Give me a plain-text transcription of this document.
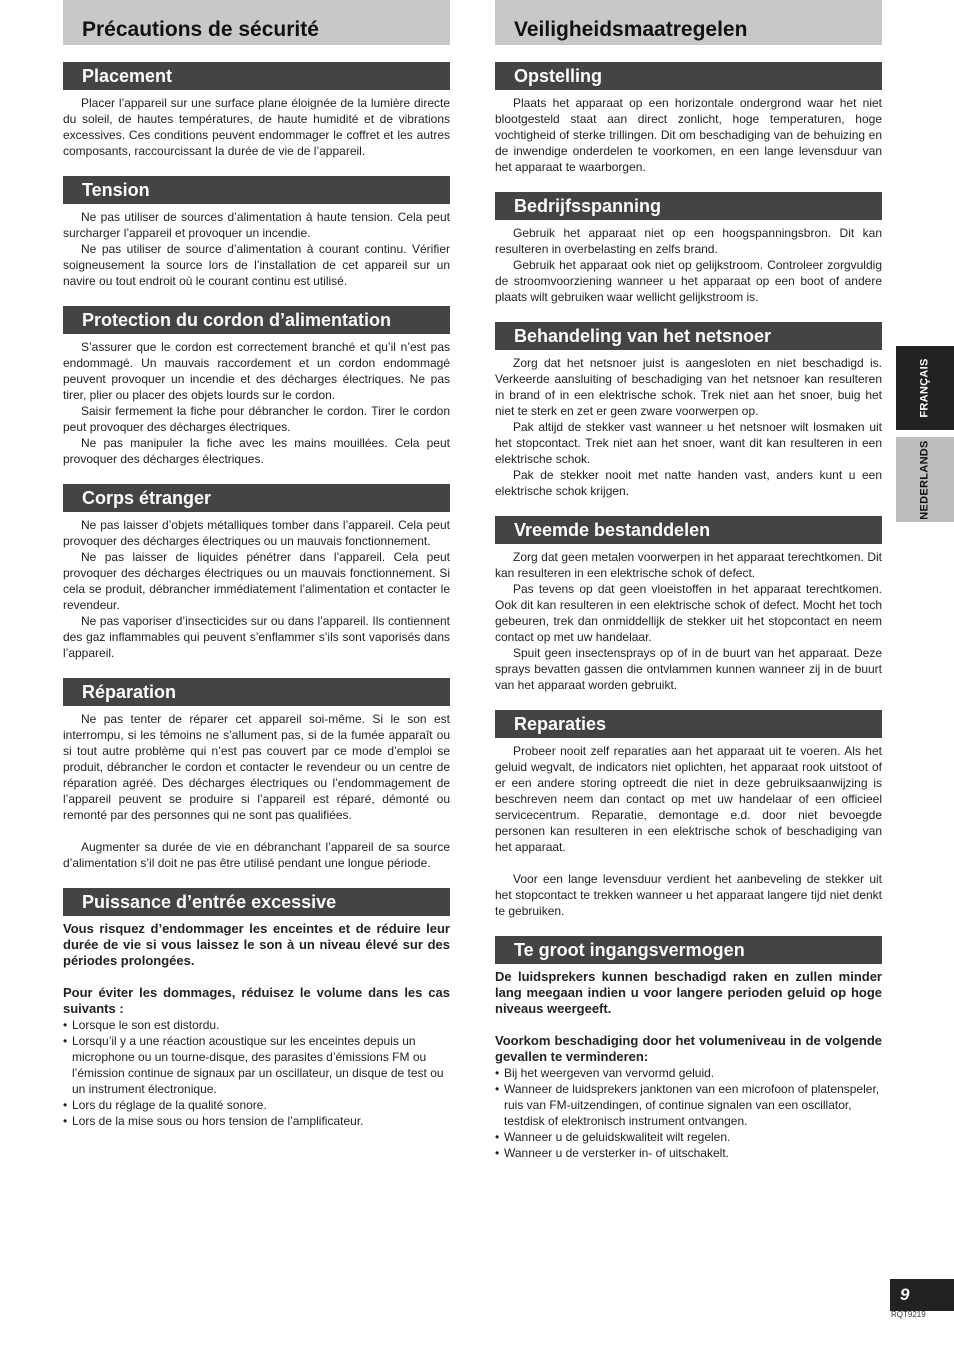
Précautions de sécurité
Placement

Placer l’appareil sur une surface plane éloignée de la lumière directe du soleil, de hautes températures, de haute humidité et de vibrations excessives. Ces conditions peuvent endommager le coffret et les autres composants, raccourcissant la durée de vie de l’appareil.

Tension

Ne pas utiliser de sources d’alimentation à haute tension. Cela peut surcharger l’appareil et provoquer un incendie.

Ne pas utiliser de source d’alimentation à courant continu. Vérifier soigneusement la source lors de l’installation de cet appareil sur un navire ou tout endroit où le courant continu est utilisé.

Protection du cordon d’alimentation

S’assurer que le cordon est correctement branché et qu’il n’est pas endommagé. Un mauvais raccordement et un cordon endommagé peuvent provoquer un incendie et des décharges électriques. Ne pas tirer, plier ou placer des objets lourds sur le cordon.

Saisir fermement la fiche pour débrancher le cordon. Tirer le cordon peut provoquer des décharges électriques.

Ne pas manipuler la fiche avec les mains mouillées. Cela peut provoquer des décharges électriques.

Corps étranger

Ne pas laisser d’objets métalliques tomber dans l’appareil. Cela peut provoquer des décharges électriques ou un mauvais fonctionnement.

Ne pas laisser de liquides pénétrer dans l’appareil. Cela peut provoquer des décharges électriques ou un mauvais fonctionnement. Si cela se produit, débrancher immédiatement l’alimentation et contacter le revendeur.

Ne pas vaporiser d’insecticides sur ou dans l’appareil. Ils contiennent des gaz inflammables qui peuvent s’enflammer s’ils sont vaporisés dans l’appareil.

Réparation

Ne pas tenter de réparer cet appareil soi-même. Si le son est interrompu, si les témoins ne s’allument pas, si de la fumée apparaît ou si tout autre problème qui n’est pas couvert par ce mode d’emploi se produit, débrancher le cordon et contacter le revendeur ou un centre de réparation agréé. Des décharges électriques ou l’endommagement de l’appareil peuvent se produire si l’appareil est réparé, démonté ou remonté par des personnes qui ne sont pas qualifiées.

Augmenter sa durée de vie en débranchant l’appareil de sa source d’alimentation s’il doit ne pas être utilisé pendant une longue période.

Puissance d’entrée excessive

Vous risquez d’endommager les enceintes et de réduire leur durée de vie si vous laissez le son à un niveau élevé sur des périodes prolongées.

Pour éviter les dommages, réduisez le volume dans les cas suivants :

• Lorsque le son est distordu.
• Lorsqu’il y a une réaction acoustique sur les enceintes depuis un microphone ou un tourne-disque, des parasites d’émissions FM ou l’émission continue de signaux par un oscillateur, un disque de test ou un instrument électronique.
• Lors du réglage de la qualité sonore.
• Lors de la mise sous ou hors tension de l’amplificateur.
Veiligheidsmaatregelen
Opstelling

Plaats het apparaat op een horizontale ondergrond waar het niet blootgesteld staat aan direct zonlicht, hoge temperaturen, hoge vochtigheid of sterke trillingen. Dit om beschadiging van de behuizing en de inwendige onderdelen te voorkomen, en een lange levensduur van het apparaat te waarborgen.

Bedrijfsspanning

Gebruik het apparaat niet op een hoogspanningsbron. Dit kan resulteren in overbelasting en zelfs brand.

Gebruik het apparaat ook niet op gelijkstroom. Controleer zorgvuldig de stroomvoorziening wanneer u het apparaat op een boot of andere plaats wilt gebruiken waar wellicht gelijkstroom is.

Behandeling van het netsnoer

Zorg dat het netsnoer juist is aangesloten en niet beschadigd is. Verkeerde aansluiting of beschadiging van het netsnoer kan resulteren in brand of in een elektrische schok. Trek niet aan het snoer, buig het niet te sterk en zet er geen zware voorwerpen op.

Pak altijd de stekker vast wanneer u het netsnoer wilt losmaken uit het stopcontact. Trek niet aan het snoer, want dit kan resulteren in een elektrische schok.

Pak de stekker nooit met natte handen vast, anders kunt u een elektrische schok krijgen.

Vreemde bestanddelen

Zorg dat geen metalen voorwerpen in het apparaat terechtkomen. Dit kan resulteren in een elektrische schok of defect.

Pas tevens op dat geen vloeistoffen in het apparaat terechtkomen. Ook dit kan resulteren in een elektrische schok of defect. Mocht het toch gebeuren, trek dan onmiddellijk de stekker uit het stopcontact en neem contact op met uw handelaar.

Spuit geen insectensprays op of in de buurt van het apparaat. Deze sprays bevatten gassen die ontvlammen kunnen wanneer zij in de buurt van het apparaat worden gebruikt.

Reparaties

Probeer nooit zelf reparaties aan het apparaat uit te voeren. Als het geluid wegvalt, de indicators niet oplichten, het apparaat rook uitstoot of er een andere storing optreedt die niet in deze gebruiksaanwijzing is beschreven neem dan contact op met uw handelaar of een officieel servicecentrum. Reparatie, demontage e.d. door niet bevoegde personen kan resulteren in een elektrische schok of beschadiging van het apparaat.

Voor een lange levensduur verdient het aanbeveling de stekker uit het stopcontact te trekken wanneer u het apparaat langere tijd niet denkt te gebruiken.

Te groot ingangsvermogen

De luidsprekers kunnen beschadigd raken en zullen minder lang meegaan indien u voor langere perioden geluid op hoge niveaus weergeeft.

Voorkom beschadiging door het volumeniveau in de volgende gevallen te verminderen:

• Bij het weergeven van vervormd geluid.
• Wanneer de luidsprekers janktonen van een microfoon of platenspeler, ruis van FM-uitzendingen, of continue signalen van een oscillator, testdisk of elektronisch instrument ontvangen.
• Wanneer u de geluidskwaliteit wilt regelen.
• Wanneer u de versterker in- of uitschakelt.
FRANÇAIS
NEDERLANDS
9
RQT9219
